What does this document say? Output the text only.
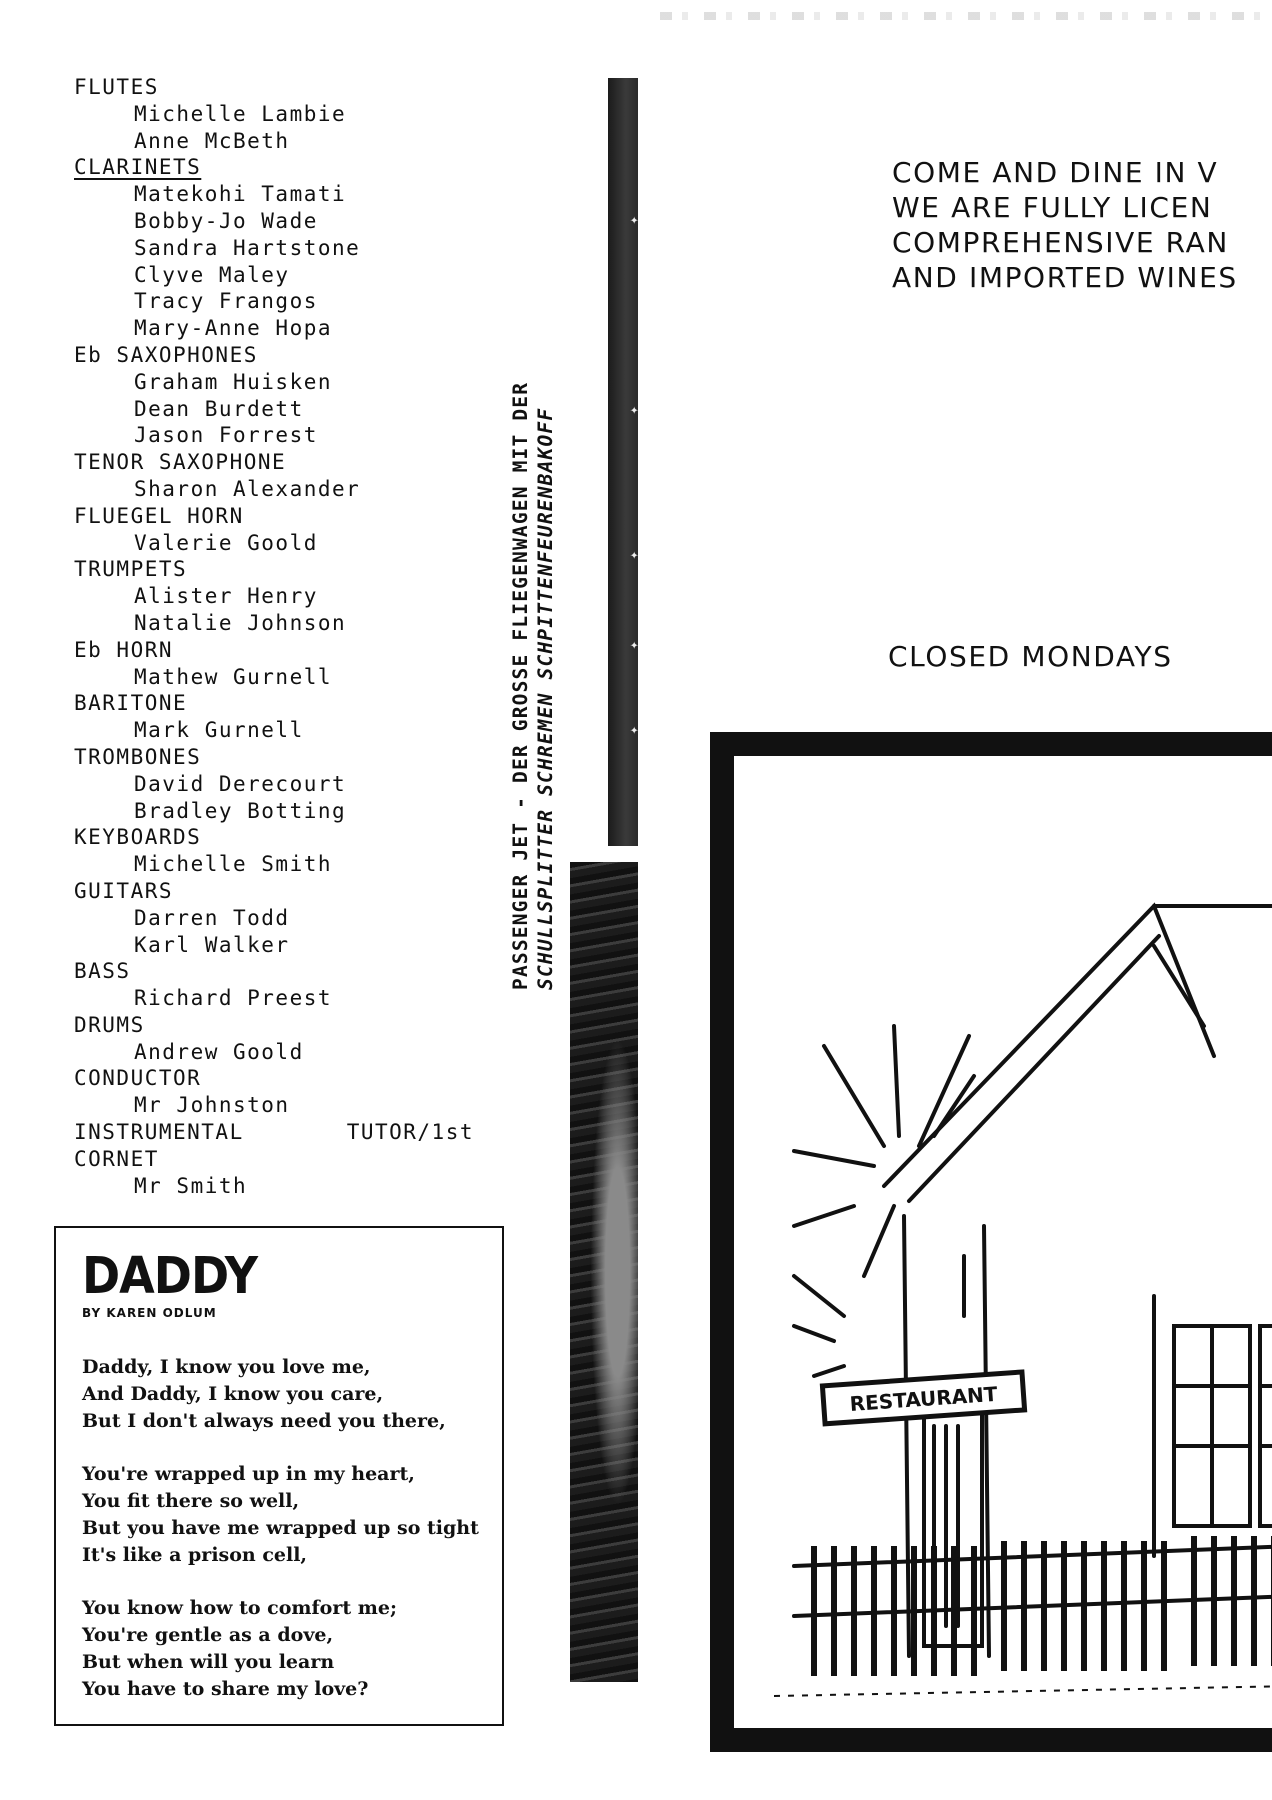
FLUTES
Michelle Lambie
Anne McBeth
CLARINETS
Matekohi Tamati
Bobby-Jo Wade
Sandra Hartstone
Clyve Maley
Tracy Frangos
Mary-Anne Hopa
Eb SAXOPHONES
Graham Huisken
Dean Burdett
Jason Forrest
TENOR SAXOPHONE
Sharon Alexander
FLUEGEL HORN
Valerie Goold
TRUMPETS
Alister Henry
Natalie Johnson
Eb HORN
Mathew Gurnell
BARITONE
Mark Gurnell
TROMBONES
David Derecourt
Bradley Botting
KEYBOARDS
Michelle Smith
GUITARS
Darren Todd
Karl Walker
BASS
Richard Preest
DRUMS
Andrew Goold
CONDUCTOR
Mr Johnston
INSTRUMENTAL	TUTOR/1st
CORNET
Mr Smith
DADDY
BY KAREN ODLUM
Daddy, I know you love me,
And Daddy, I know you care,
But I don't always need you there,
You're wrapped up in my heart,
You fit there so well,
But you have me wrapped up so tight
It's like a prison cell,
You know how to comfort me;
You're gentle as a dove,
But when will you learn
You have to share my love?
✦
✦
✦
✦
✦
PASSENGER JET - DER GROSSE FLIEGENWAGEN MIT DER SCHULLSPLITTER SCHREMEN SCHPITTENFEURENBAKOFF
COME AND DINE IN V
WE ARE FULLY LICEN
COMPREHENSIVE RAN
AND IMPORTED WINES
CLOSED MONDAYS
RESTAURANT
